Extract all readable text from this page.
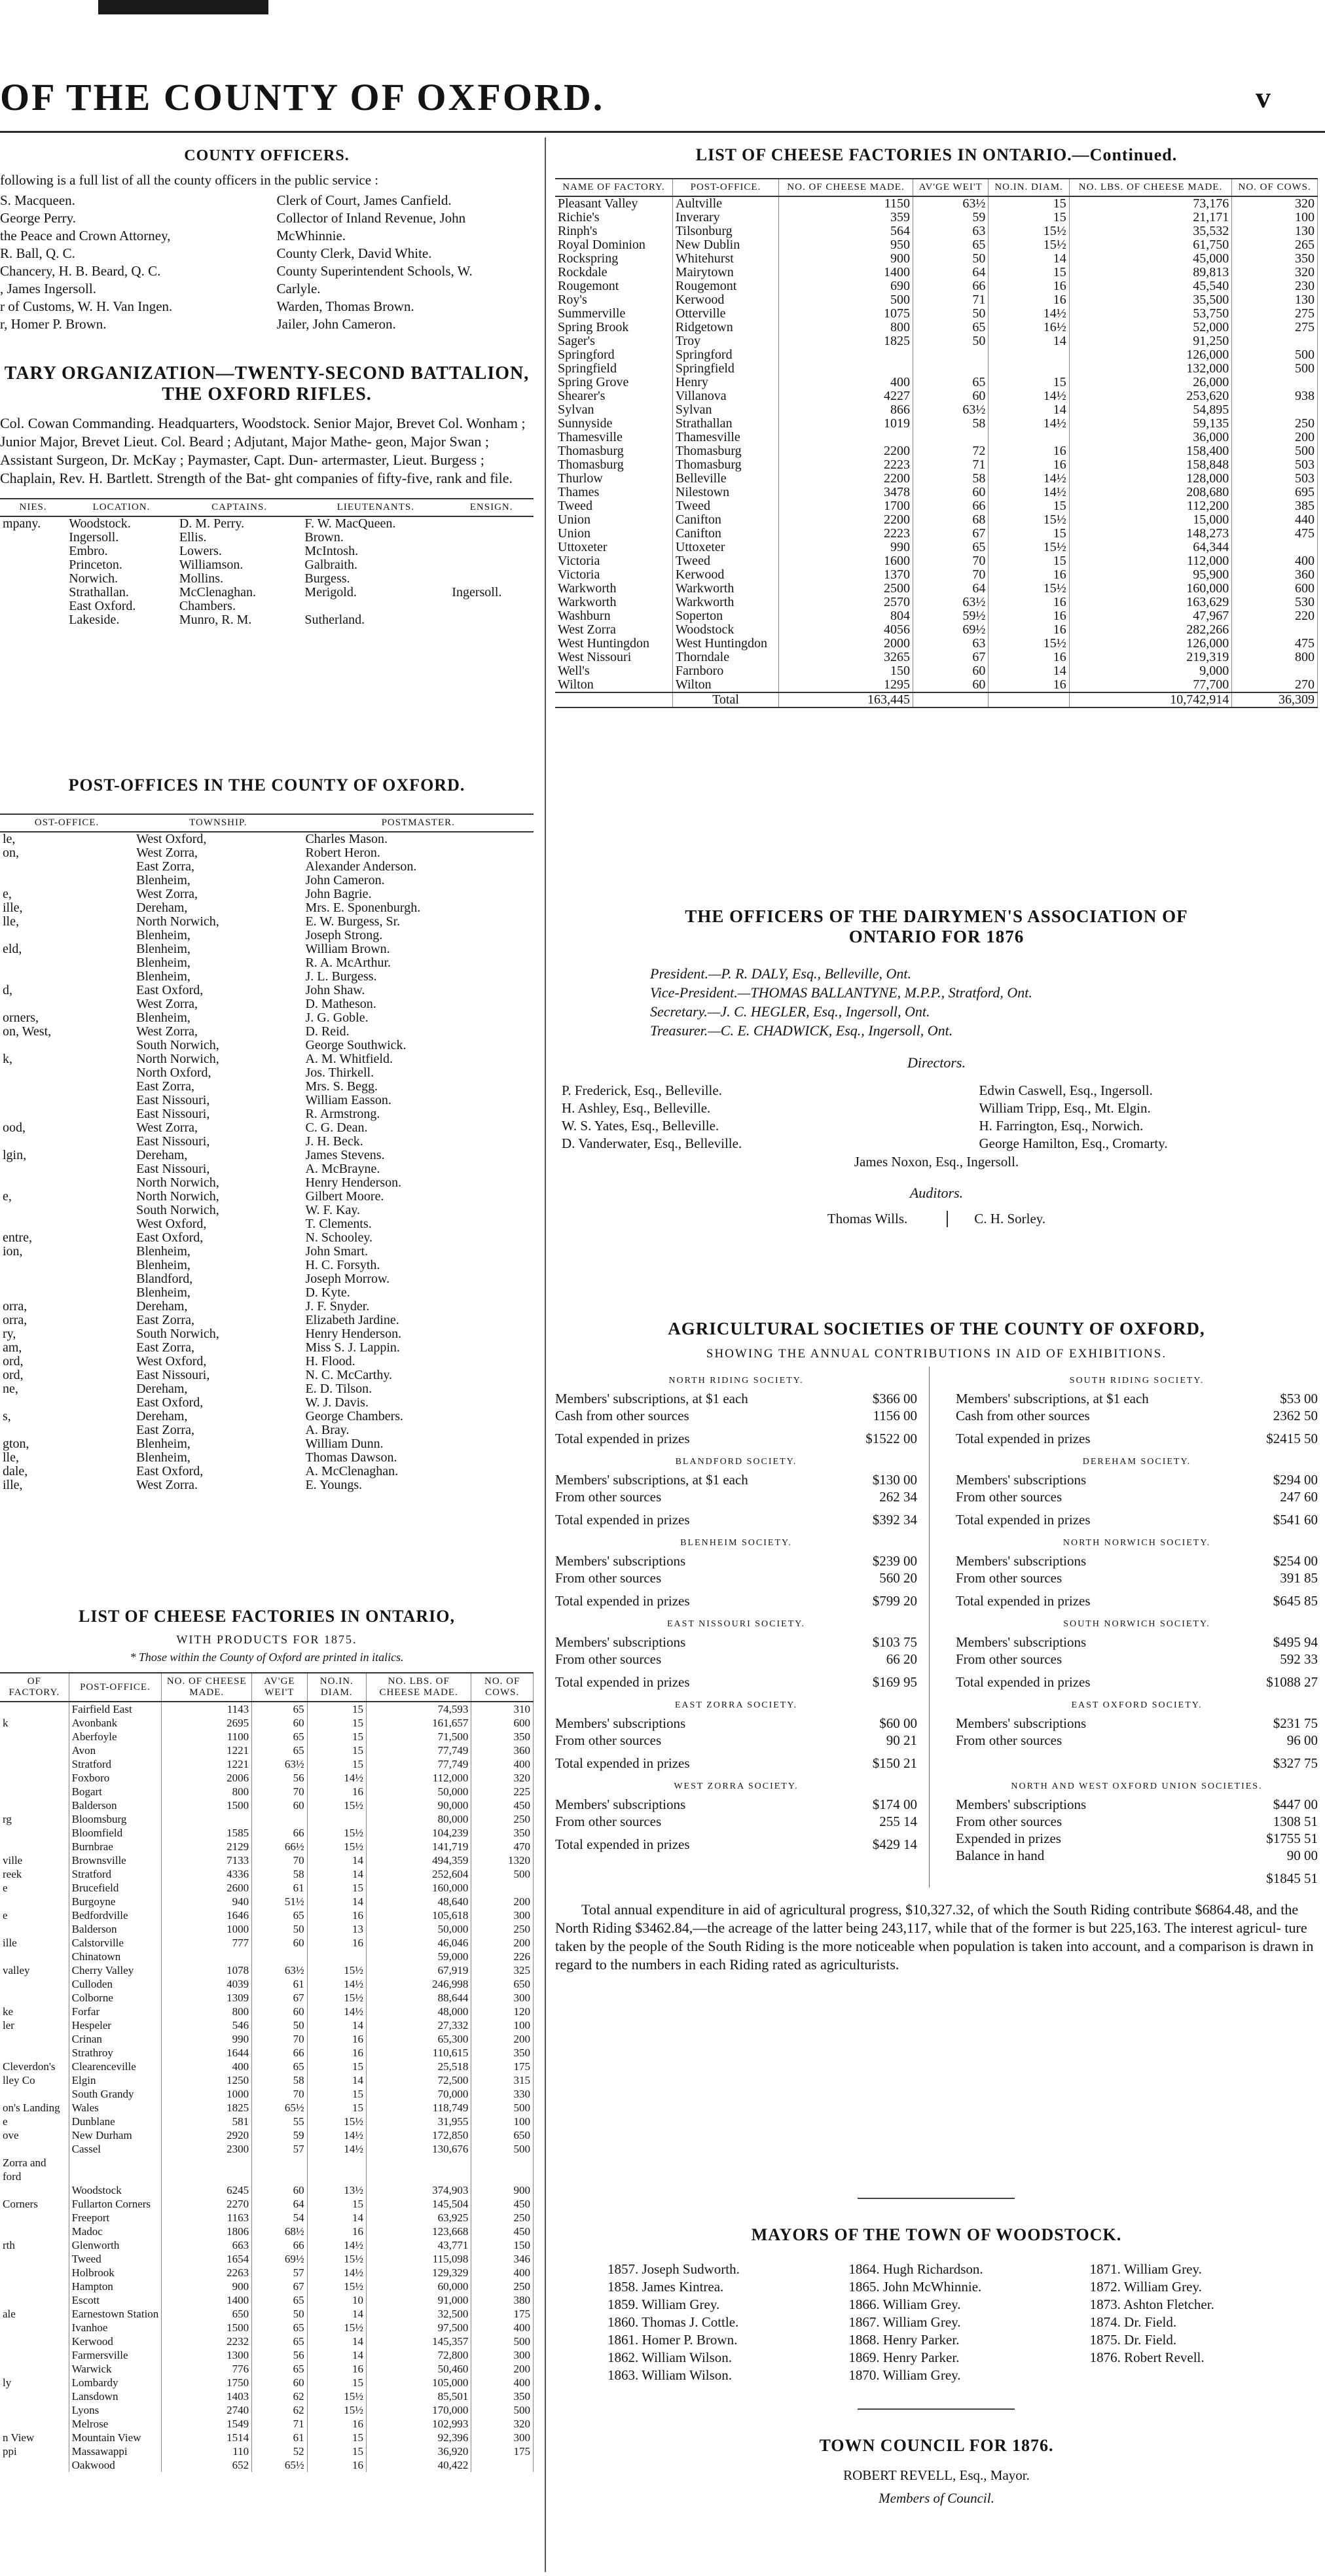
OF THE COUNTY OF OXFORD.	v
COUNTY OFFICERS.
following is a full list of all the county officers in the public service :
S. Macqueen.
George Perry.
the Peace and Crown Attorney,
R. Ball, Q. C.
Chancery, H. B. Beard, Q. C.
, James Ingersoll.
r of Customs, W. H. Van Ingen.
r, Homer P. Brown.
Clerk of Court, James Canfield.
Collector of Inland Revenue, John
McWhinnie.
County Clerk, David White.
County Superintendent Schools, W.
Carlyle.
Warden, Thomas Brown.
Jailer, John Cameron.
TARY ORGANIZATION—TWENTY-SECOND BATTALION,
THE OXFORD RIFLES.
Col. Cowan Commanding. Headquarters, Woodstock. Senior Major, Brevet Col. Wonham ; Junior Major, Brevet Lieut. Col. Beard ; Adjutant, Major Mathe- geon, Major Swan ; Assistant Surgeon, Dr. McKay ; Paymaster, Capt. Dun- artermaster, Lieut. Burgess ; Chaplain, Rev. H. Bartlett. Strength of the Bat- ght companies of fifty-five, rank and file.
NIES.	LOCATION.	CAPTAINS.	LIEUTENANTS.	ENSIGN.
mpany.	Woodstock.	D. M. Perry.	F. W. MacQueen.	
	Ingersoll.	Ellis.	Brown.	
	Embro.	Lowers.	McIntosh.	
	Princeton.	Williamson.	Galbraith.	
	Norwich.	Mollins.	Burgess.	
	Strathallan.	McClenaghan.	Merigold.	Ingersoll.
	East Oxford.	Chambers.		
	Lakeside.	Munro, R. M.	Sutherland.	
POST-OFFICES IN THE COUNTY OF OXFORD.
OST-OFFICE.	TOWNSHIP.	POSTMASTER.
le,	West Oxford,	Charles Mason.
on,	West Zorra,	Robert Heron.
	East Zorra,	Alexander Anderson.
	Blenheim,	John Cameron.
e,	West Zorra,	John Bagrie.
ille,	Dereham,	Mrs. E. Sponenburgh.
lle,	North Norwich,	E. W. Burgess, Sr.
	Blenheim,	Joseph Strong.
eld,	Blenheim,	William Brown.
	Blenheim,	R. A. McArthur.
	Blenheim,	J. L. Burgess.
d,	East Oxford,	John Shaw.
	West Zorra,	D. Matheson.
orners,	Blenheim,	J. G. Goble.
on, West,	West Zorra,	D. Reid.
	South Norwich,	George Southwick.
k,	North Norwich,	A. M. Whitfield.
	North Oxford,	Jos. Thirkell.
	East Zorra,	Mrs. S. Begg.
	East Nissouri,	William Easson.
	East Nissouri,	R. Armstrong.
ood,	West Zorra,	C. G. Dean.
	East Nissouri,	J. H. Beck.
lgin,	Dereham,	James Stevens.
	East Nissouri,	A. McBrayne.
	North Norwich,	Henry Henderson.
e,	North Norwich,	Gilbert Moore.
	South Norwich,	W. F. Kay.
	West Oxford,	T. Clements.
entre,	East Oxford,	N. Schooley.
ion,	Blenheim,	John Smart.
	Blenheim,	H. C. Forsyth.
	Blandford,	Joseph Morrow.
	Blenheim,	D. Kyte.
orra,	Dereham,	J. F. Snyder.
orra,	East Zorra,	Elizabeth Jardine.
ry,	South Norwich,	Henry Henderson.
am,	East Zorra,	Miss S. J. Lappin.
ord,	West Oxford,	H. Flood.
ord,	East Nissouri,	N. C. McCarthy.
ne,	Dereham,	E. D. Tilson.
	East Oxford,	W. J. Davis.
s,	Dereham,	George Chambers.
	East Zorra,	A. Bray.
gton,	Blenheim,	William Dunn.
lle,	Blenheim,	Thomas Dawson.
dale,	East Oxford,	A. McClenaghan.
ille,	West Zorra.	E. Youngs.
LIST OF CHEESE FACTORIES IN ONTARIO,
WITH PRODUCTS FOR 1875.
* Those within the County of Oxford are printed in italics.
OF FACTORY.	POST-OFFICE.	NO. OF CHEESE MADE.	AV'GE WEI'T	NO.IN. DIAM.	NO. LBS. OF CHEESE MADE.	NO. OF COWS.
	Fairfield East	1143	65	15	74,593	310
k	Avonbank	2695	60	15	161,657	600
	Aberfoyle	1100	65	15	71,500	350
	Avon	1221	65	15	77,749	360
	Stratford	1221	63½	15	77,749	400
	Foxboro	2006	56	14½	112,000	320
	Bogart	800	70	16	50,000	225
	Balderson	1500	60	15½	90,000	450
rg	Bloomsburg				80,000	250
	Bloomfield	1585	66	15½	104,239	350
	Burnbrae	2129	66½	15½	141,719	470
ville	Brownsville	7133	70	14	494,359	1320
reek	Stratford	4336	58	14	252,604	500
e	Brucefield	2600	61	15	160,000	
	Burgoyne	940	51½	14	48,640	200
e	Bedfordville	1646	65	16	105,618	300
	Balderson	1000	50	13	50,000	250
ille	Calstorville	777	60	16	46,046	200
	Chinatown				59,000	226
valley	Cherry Valley	1078	63½	15½	67,919	325
	Culloden	4039	61	14½	246,998	650
	Colborne	1309	67	15½	88,644	300
ke	Forfar	800	60	14½	48,000	120
ler	Hespeler	546	50	14	27,332	100
	Crinan	990	70	16	65,300	200
	Strathroy	1644	66	16	110,615	350
Cleverdon's	Clearenceville	400	65	15	25,518	175
lley Co	Elgin	1250	58	14	72,500	315
	South Grandy	1000	70	15	70,000	330
on's Landing	Wales	1825	65½	15	118,749	500
e	Dunblane	581	55	15½	31,955	100
ove	New Durham	2920	59	14½	172,850	650
	Cassel	2300	57	14½	130,676	500
Zorra and						
ford						
	Woodstock	6245	60	13½	374,903	900
Corners	Fullarton Corners	2270	64	15	145,504	450
	Freeport	1163	54	14	63,925	250
	Madoc	1806	68½	16	123,668	450
rth	Glenworth	663	66	14½	43,771	150
	Tweed	1654	69½	15½	115,098	346
	Holbrook	2263	57	14½	129,329	400
	Hampton	900	67	15½	60,000	250
	Escott	1400	65	10	91,000	380
ale	Earnestown Station	650	50	14	32,500	175
	Ivanhoe	1500	65	15½	97,500	400
	Kerwood	2232	65	14	145,357	500
	Farmersville	1300	56	14	72,800	300
	Warwick	776	65	16	50,460	200
ly	Lombardy	1750	60	15	105,000	400
	Lansdown	1403	62	15½	85,501	350
	Lyons	2740	62	15½	170,000	500
	Melrose	1549	71	16	102,993	320
n View	Mountain View	1514	61	15	92,396	300
ppi	Massawappi	110	52	15	36,920	175
	Oakwood	652	65½	16	40,422	
LIST OF CHEESE FACTORIES IN ONTARIO.—Continued.
NAME OF FACTORY.	POST-OFFICE.	NO. OF CHEESE MADE.	AV'GE WEI'T	NO.IN. DIAM.	NO. LBS. OF CHEESE MADE.	NO. OF COWS.
Pleasant Valley	Aultville	1150	63½	15	73,176	320
Richie's	Inverary	359	59	15	21,171	100
Rinph's	Tilsonburg	564	63	15½	35,532	130
Royal Dominion	New Dublin	950	65	15½	61,750	265
Rockspring	Whitehurst	900	50	14	45,000	350
Rockdale	Mairytown	1400	64	15	89,813	320
Rougemont	Rougemont	690	66	16	45,540	230
Roy's	Kerwood	500	71	16	35,500	130
Summerville	Otterville	1075	50	14½	53,750	275
Spring Brook	Ridgetown	800	65	16½	52,000	275
Sager's	Troy	1825	50	14	91,250	
Springford	Springford				126,000	500
Springfield	Springfield				132,000	500
Spring Grove	Henry	400	65	15	26,000	
Shearer's	Villanova	4227	60	14½	253,620	938
Sylvan	Sylvan	866	63½	14	54,895	
Sunnyside	Strathallan	1019	58	14½	59,135	250
Thamesville	Thamesville				36,000	200
Thomasburg	Thomasburg	2200	72	16	158,400	500
Thomasburg	Thomasburg	2223	71	16	158,848	503
Thurlow	Belleville	2200	58	14½	128,000	503
Thames	Nilestown	3478	60	14½	208,680	695
Tweed	Tweed	1700	66	15	112,200	385
Union	Canifton	2200	68	15½	15,000	440
Union	Canifton	2223	67	15	148,273	475
Uttoxeter	Uttoxeter	990	65	15½	64,344	
Victoria	Tweed	1600	70	15	112,000	400
Victoria	Kerwood	1370	70	16	95,900	360
Warkworth	Warkworth	2500	64	15½	160,000	600
Warkworth	Warkworth	2570	63½	16	163,629	530
Washburn	Soperton	804	59½	16	47,967	220
West Zorra	Woodstock	4056	69½	16	282,266	
West Huntingdon	West Huntingdon	2000	63	15½	126,000	475
West Nissouri	Thorndale	3265	67	16	219,319	800
Well's	Farnboro	150	60	14	9,000	
Wilton	Wilton	1295	60	16	77,700	270
	Total	163,445			10,742,914	36,309
THE OFFICERS OF THE DAIRYMEN'S ASSOCIATION OF
ONTARIO FOR 1876
President.—P. R. DALY, Esq., Belleville, Ont.
Vice-President.—THOMAS BALLANTYNE, M.P.P., Stratford, Ont.
Secretary.—J. C. HEGLER, Esq., Ingersoll, Ont.
Treasurer.—C. E. CHADWICK, Esq., Ingersoll, Ont.
Directors.
P. Frederick, Esq., Belleville.
H. Ashley, Esq., Belleville.
W. S. Yates, Esq., Belleville.
D. Vanderwater, Esq., Belleville.
Edwin Caswell, Esq., Ingersoll.
William Tripp, Esq., Mt. Elgin.
H. Farrington, Esq., Norwich.
George Hamilton, Esq., Cromarty.
James Noxon, Esq., Ingersoll.
Auditors.
Thomas Wills.	C. H. Sorley.
AGRICULTURAL SOCIETIES OF THE COUNTY OF OXFORD,
SHOWING THE ANNUAL CONTRIBUTIONS IN AID OF EXHIBITIONS.
NORTH RIDING SOCIETY.
Members' subscriptions, at $1 each	$366 00
Cash from other sources	1156 00
Total expended in prizes	$1522 00
BLANDFORD SOCIETY.
Members' subscriptions, at $1 each	$130 00
From other sources	262 34
Total expended in prizes	$392 34
BLENHEIM SOCIETY.
Members' subscriptions	$239 00
From other sources	560 20
Total expended in prizes	$799 20
EAST NISSOURI SOCIETY.
Members' subscriptions	$103 75
From other sources	66 20
Total expended in prizes	$169 95
EAST ZORRA SOCIETY.
Members' subscriptions	$60 00
From other sources	90 21
Total expended in prizes	$150 21
WEST ZORRA SOCIETY.
Members' subscriptions	$174 00
From other sources	255 14
Total expended in prizes	$429 14
SOUTH RIDING SOCIETY.
Members' subscriptions, at $1 each	$53 00
Cash from other sources	2362 50
Total expended in prizes	$2415 50
DEREHAM SOCIETY.
Members' subscriptions	$294 00
From other sources	247 60
Total expended in prizes	$541 60
NORTH NORWICH SOCIETY.
Members' subscriptions	$254 00
From other sources	391 85
Total expended in prizes	$645 85
SOUTH NORWICH SOCIETY.
Members' subscriptions	$495 94
From other sources	592 33
Total expended in prizes	$1088 27
EAST OXFORD SOCIETY.
Members' subscriptions	$231 75
From other sources	96 00
$327 75
NORTH AND WEST OXFORD UNION SOCIETIES.
Members' subscriptions	$447 00
From other sources	1308 51
Expended in prizes	$1755 51
Balance in hand	90 00
$1845 51
Total annual expenditure in aid of agricultural progress, $10,327.32, of which the South Riding contribute $6864.48, and the North Riding $3462.84,—the acreage of the latter being 243,117, while that of the former is but 225,163. The interest agricul- ture taken by the people of the South Riding is the more noticeable when population is taken into account, and a comparison is drawn in regard to the numbers in each Riding rated as agriculturists.
MAYORS OF THE TOWN OF WOODSTOCK.
1857. Joseph Sudworth.	1864. Hugh Richardson.	1871. William Grey.
1858. James Kintrea.	1865. John McWhinnie.	1872. William Grey.
1859. William Grey.	1866. William Grey.	1873. Ashton Fletcher.
1860. Thomas J. Cottle.	1867. William Grey.	1874. Dr. Field.
1861. Homer P. Brown.	1868. Henry Parker.	1875. Dr. Field.
1862. William Wilson.	1869. Henry Parker.	1876. Robert Revell.
1863. William Wilson.	1870. William Grey.
TOWN COUNCIL FOR 1876.
ROBERT REVELL, Esq., Mayor.
Members of Council.
